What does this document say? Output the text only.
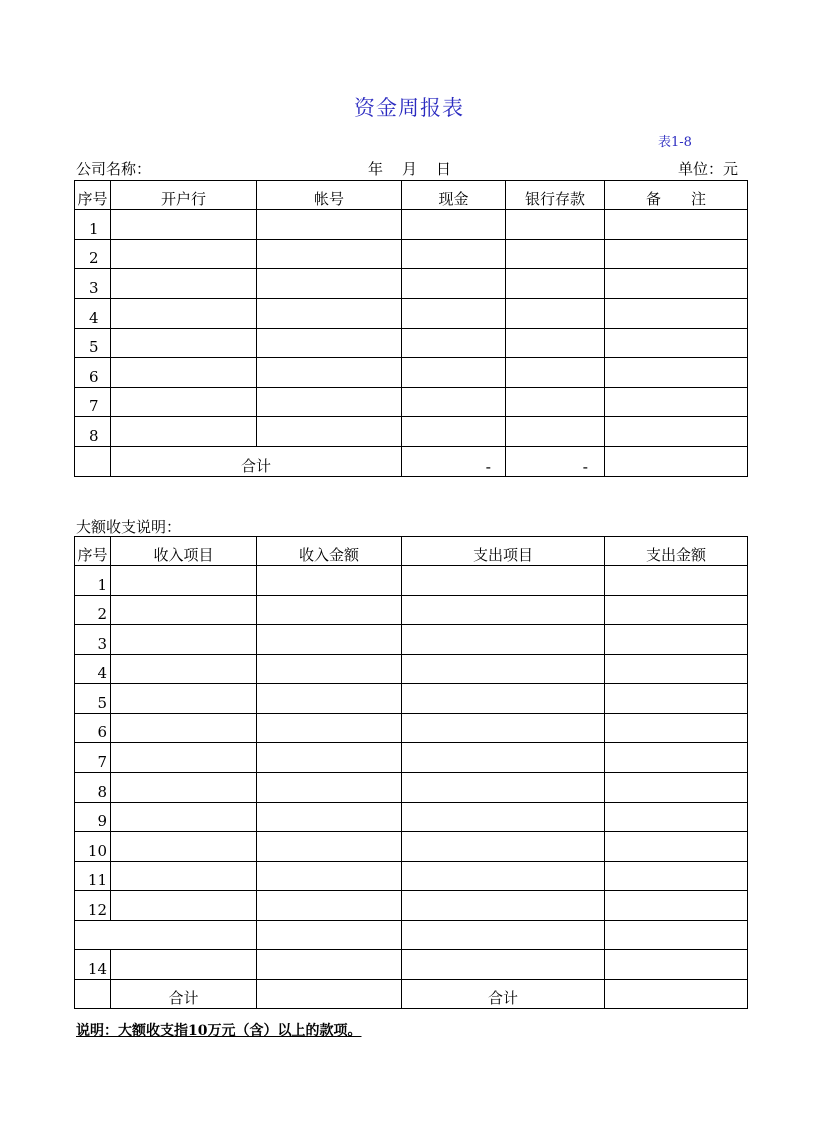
资金周报表
表1-8
公司名称：	年 月 日	单位：元
序号	开户行	帐号	现金	银行存款	备　　注
1					
2					
3					
4					
5					
6					
7					
8					
	合计		-	-	
大额收支说明：
序号	收入项目	收入金额	支出项目	支出金额
1				
2				
3				
4				
5				
6				
7				
8				
9				
10				
11				
12				

14				
	合计		合计	
说明：大额收支指10万元（含）以上的款项。
